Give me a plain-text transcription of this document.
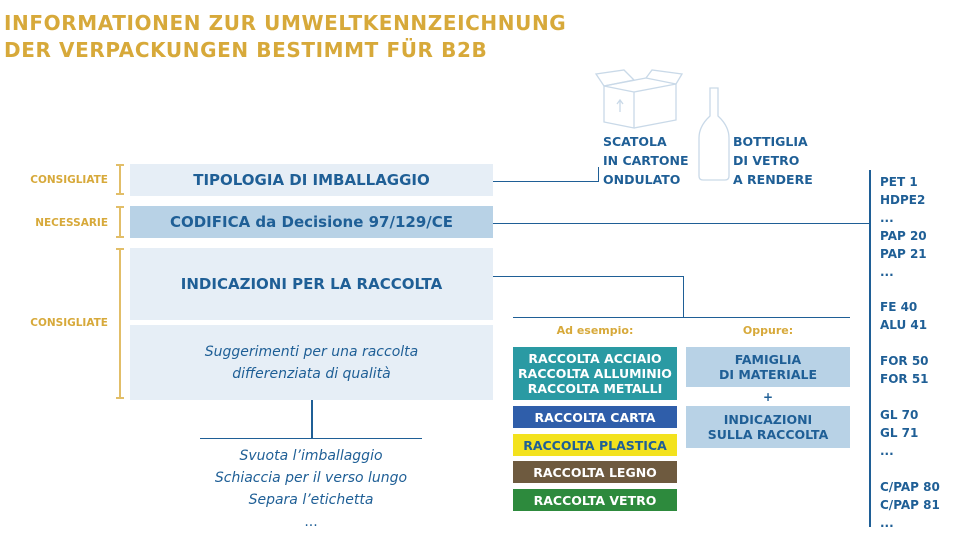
INFORMATIONEN ZUR UMWELTKENNZEICHNUNG
DER VERPACKUNGEN BESTIMMT FÜR B2B
CONSIGLIATE
NECESSARIE
CONSIGLIATE
TIPOLOGIA DI IMBALLAGGIO
CODIFICA da Decisione 97/129/CE
INDICAZIONI PER LA RACCOLTA
Suggerimenti per una raccolta
differenziata di qualità
Svuota l’imballaggio
Schiaccia per il verso lungo
Separa l’etichetta
...
SCATOLA
IN CARTONE
ONDULATO
BOTTIGLIA
DI VETRO
A RENDERE
Ad esempio:	Oppure:
RACCOLTA ACCIAIO
RACCOLTA ALLUMINIO
RACCOLTA METALLI
RACCOLTA CARTA
RACCOLTA PLASTICA
RACCOLTA LEGNO
RACCOLTA VETRO
FAMIGLIA
DI MATERIALE
+
INDICAZIONI
SULLA RACCOLTA
PET 1
HDPE2
...
PAP 20
PAP 21
...
FE 40
ALU 41
FOR 50
FOR 51
GL 70
GL 71
...
C/PAP 80
C/PAP 81
...
